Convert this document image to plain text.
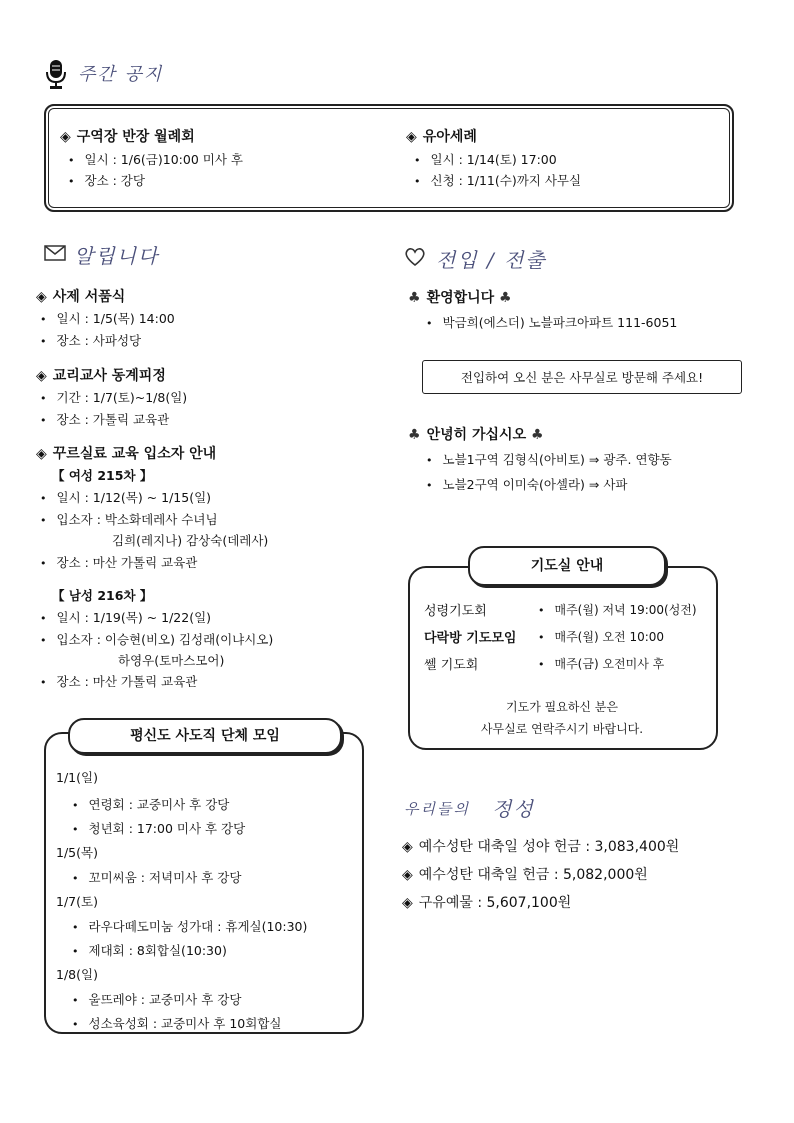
주간 공지
◈ 구역장 반장 월례회
• 일시 : 1/6(금)10:00 미사 후
• 장소 : 강당
◈ 유아세례
• 일시 : 1/14(토) 17:00
• 신청 : 1/11(수)까지 사무실
알립니다
◈ 사제 서품식
• 일시 : 1/5(목) 14:00
• 장소 : 사파성당
◈ 교리교사 동계피정
• 기간 : 1/7(토)~1/8(일)
• 장소 : 가톨릭 교육관
◈ 꾸르실료 교육 입소자 안내
【 여성 215차 】
• 일시 : 1/12(목) ~ 1/15(일)
• 입소자 : 박소화데레사 수녀님
김희(레지나) 감상숙(데레사)
• 장소 : 마산 가톨릭 교육관
【 남성 216차 】
• 일시 : 1/19(목) ~ 1/22(일)
• 입소자 : 이승현(비오) 김성래(이냐시오)
하영우(토마스모어)
• 장소 : 마산 가톨릭 교육관
평신도 사도직 단체 모임
1/1(일)
• 연령회 : 교중미사 후 강당
• 청년회 : 17:00 미사 후 강당
1/5(목)
• 꼬미씨움 : 저녁미사 후 강당
1/7(토)
• 라우다떼도미눔 성가대 : 휴게실(10:30)
• 제대회 : 8회합실(10:30)
1/8(일)
• 울뜨레야 : 교중미사 후 강당
• 성소육성회 : 교중미사 후 10회합실
전입 / 전출
♣ 환영합니다 ♣
• 박금희(에스더) 노블파크아파트 111-6051
전입하여 오신 분은 사무실로 방문해 주세요!
♣ 안녕히 가십시오 ♣
• 노블1구역 김형식(아비토) ⇒ 광주. 연향동
• 노블2구역 이미숙(아셀라) ⇒ 사파
기도실 안내
성령기도회	• 매주(월) 저녁 19:00(성전)
다락방 기도모임	• 매주(월) 오전 10:00
쎌 기도회	• 매주(금) 오전미사 후
기도가 필요하신 분은
사무실로 연락주시기 바랍니다.
우리들의 정성
◈ 예수성탄 대축일 성야 헌금 : 3,083,400원
◈ 예수성탄 대축일 헌금 : 5,082,000원
◈ 구유예물 : 5,607,100원
